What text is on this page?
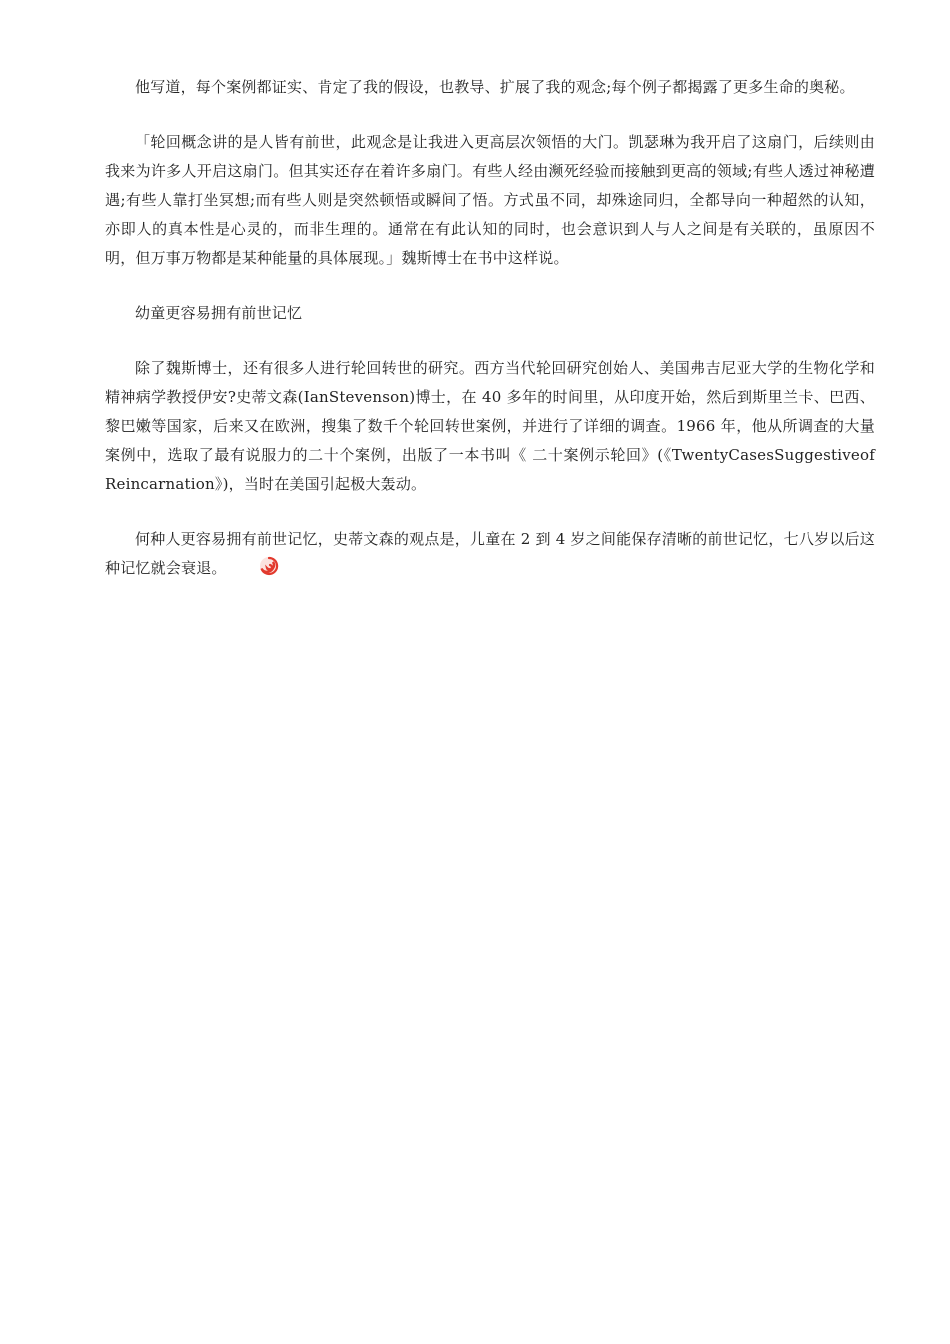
他写道，每个案例都证实、肯定了我的假设，也教导、扩展了我的观念;每个例子都揭露了更多生命的奥秘。

「轮回概念讲的是人皆有前世，此观念是让我进入更高层次领悟的大门。凯瑟琳为我开启了这扇门，后续则由我来为许多人开启这扇门。但其实还存在着许多扇门。有些人经由濒死经验而接触到更高的领域;有些人透过神秘遭遇;有些人靠打坐冥想;而有些人则是突然顿悟或瞬间了悟。方式虽不同，却殊途同归，全都导向一种超然的认知，亦即人的真本性是心灵的，而非生理的。通常在有此认知的同时，也会意识到人与人之间是有关联的，虽原因不明，但万事万物都是某种能量的具体展现。」魏斯博士在书中这样说。

幼童更容易拥有前世记忆

除了魏斯博士，还有很多人进行轮回转世的研究。西方当代轮回研究创始人、美国弗吉尼亚大学的生物化学和精神病学教授伊安?史蒂文森(IanStevenson)博士，在 40 多年的时间里，从印度开始，然后到斯里兰卡、巴西、黎巴嫩等国家，后来又在欧洲，搜集了数千个轮回转世案例，并进行了详细的调查。1966 年，他从所调查的大量案例中，选取了最有说服力的二十个案例，出版了一本书叫《 二十案例示轮回》(《TwentyCasesSuggestiveof Reincarnation》)，当时在美国引起极大轰动。

何种人更容易拥有前世记忆，史蒂文森的观点是，儿童在 2 到 4 岁之间能保存清晰的前世记忆，七八岁以后这种记忆就会衰退。
